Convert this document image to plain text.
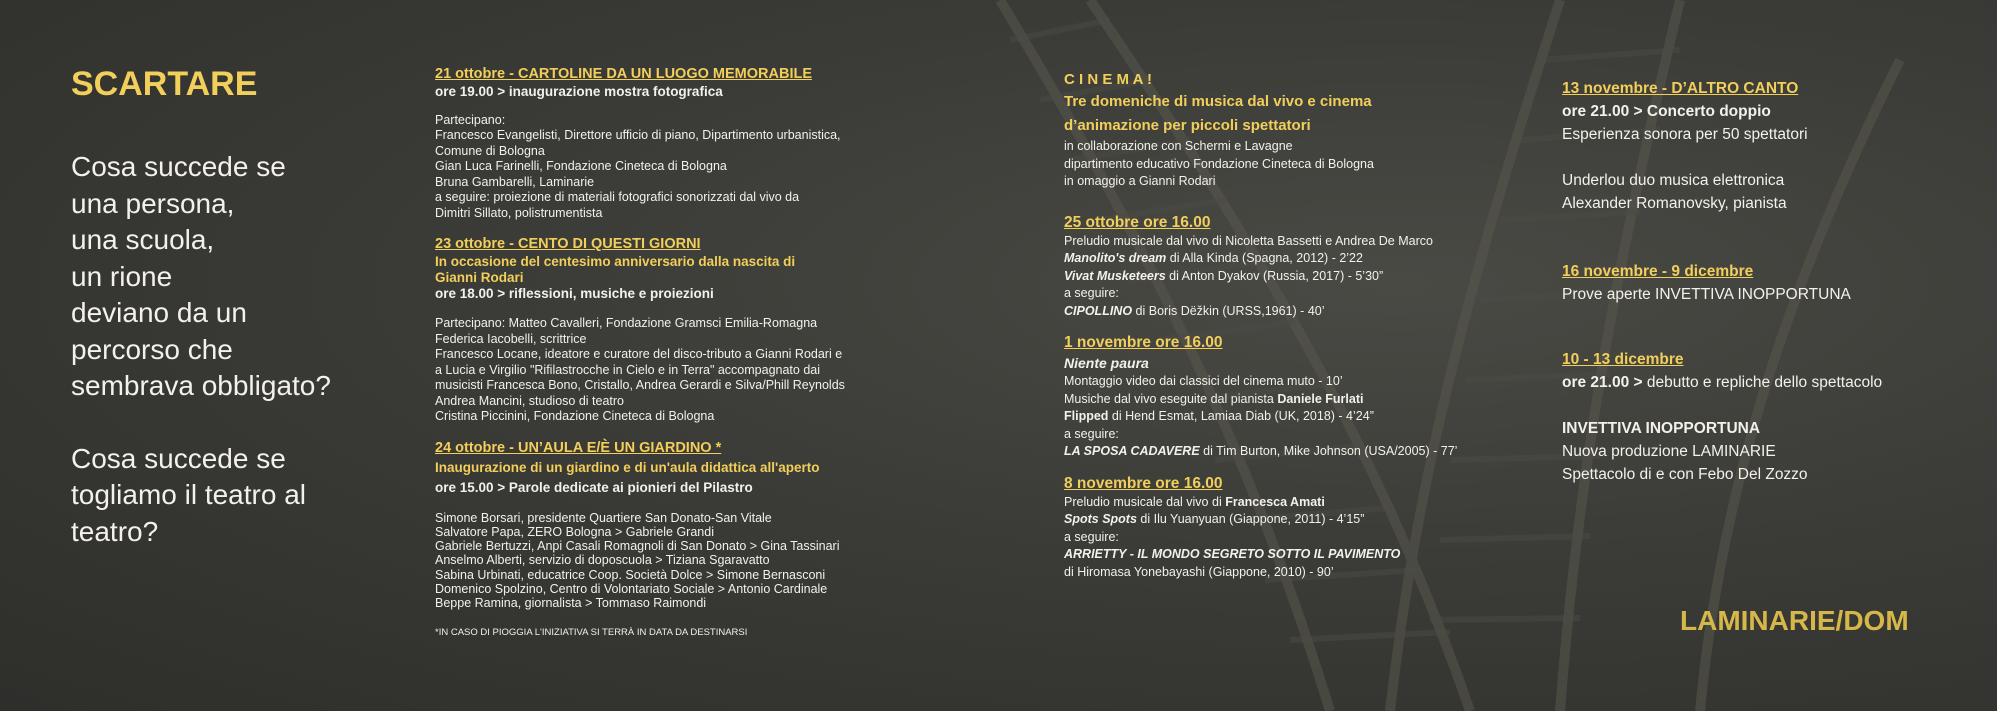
SCARTARE
Cosa succede se
una persona,
una scuola,
un rione
deviano da un
percorso che
sembrava obbligato?
Cosa succede se
togliamo il teatro al
teatro?
21 ottobre - CARTOLINE DA UN LUOGO MEMORABILE
ore 19.00 > inaugurazione mostra fotografica
Partecipano:
Francesco Evangelisti, Direttore ufficio di piano, Dipartimento urbanistica,
Comune di Bologna
Gian Luca Farinelli, Fondazione Cineteca di Bologna
Bruna Gambarelli, Laminarie
a seguire: proiezione di materiali fotografici sonorizzati dal vivo da
Dimitri Sillato, polistrumentista
23 ottobre - CENTO DI QUESTI GIORNI
In occasione del centesimo anniversario dalla nascita di
Gianni Rodari
ore 18.00 > riflessioni, musiche e proiezioni
Partecipano: Matteo Cavalleri, Fondazione Gramsci Emilia-Romagna
Federica Iacobelli, scrittrice
Francesco Locane, ideatore e curatore del disco-tributo a Gianni Rodari e
a Lucia e Virgilio "Rifilastrocche in Cielo e in Terra" accompagnato dai
musicisti Francesca Bono, Cristallo, Andrea Gerardi e Silva/Phill Reynolds
Andrea Mancini, studioso di teatro
Cristina Piccinini, Fondazione Cineteca di Bologna
24 ottobre - UN’AULA E/È UN GIARDINO *
Inaugurazione di un giardino e di un'aula didattica all'aperto
ore 15.00 > Parole dedicate ai pionieri del Pilastro
Simone Borsari, presidente Quartiere San Donato-San Vitale
Salvatore Papa, ZERO Bologna > Gabriele Grandi
Gabriele Bertuzzi, Anpi Casali Romagnoli di San Donato > Gina Tassinari
Anselmo Alberti, servizio di doposcuola > Tiziana Sgaravatto
Sabina Urbinati, educatrice Coop. Società Dolce > Simone Bernasconi
Domenico Spolzino, Centro di Volontariato Sociale > Antonio Cardinale
Beppe Ramina, giornalista > Tommaso Raimondi
*IN CASO DI PIOGGIA L'INIZIATIVA SI TERRÀ IN DATA DA DESTINARSI
C I N E M A !
Tre domeniche di musica dal vivo e cinema
d’animazione per piccoli spettatori
in collaborazione con Schermi e Lavagne
dipartimento educativo Fondazione Cineteca di Bologna
in omaggio a Gianni Rodari
25 ottobre ore 16.00
Preludio musicale dal vivo di Nicoletta Bassetti e Andrea De Marco
Manolito's dream di Alla Kinda (Spagna, 2012) - 2’22
Vivat Musketeers di Anton Dyakov (Russia, 2017) - 5’30”
a seguire:
CIPOLLINO di Boris Dëžkin (URSS,1961) - 40’
1 novembre ore 16.00
Niente paura
Montaggio video dai classici del cinema muto - 10’
Musiche dal vivo eseguite dal pianista Daniele Furlati
Flipped di Hend Esmat, Lamiaa Diab (UK, 2018) - 4’24”
a seguire:
LA SPOSA CADAVERE di Tim Burton, Mike Johnson (USA/2005) - 77’
8 novembre ore 16.00
Preludio musicale dal vivo di Francesca Amati
Spots Spots di Ilu Yuanyuan (Giappone, 2011) - 4’15”
a seguire:
ARRIETTY - IL MONDO SEGRETO SOTTO IL PAVIMENTO
di Hiromasa Yonebayashi (Giappone, 2010) - 90’
13 novembre - D’ALTRO CANTO
ore 21.00 > Concerto doppio
Esperienza sonora per 50 spettatori
Underlou duo musica elettronica
Alexander Romanovsky, pianista
16 novembre - 9 dicembre
Prove aperte INVETTIVA INOPPORTUNA
10 - 13 dicembre
ore 21.00 > debutto e repliche dello spettacolo
INVETTIVA INOPPORTUNA
Nuova produzione LAMINARIE
Spettacolo di e con Febo Del Zozzo
LAMINARIE/DOM
